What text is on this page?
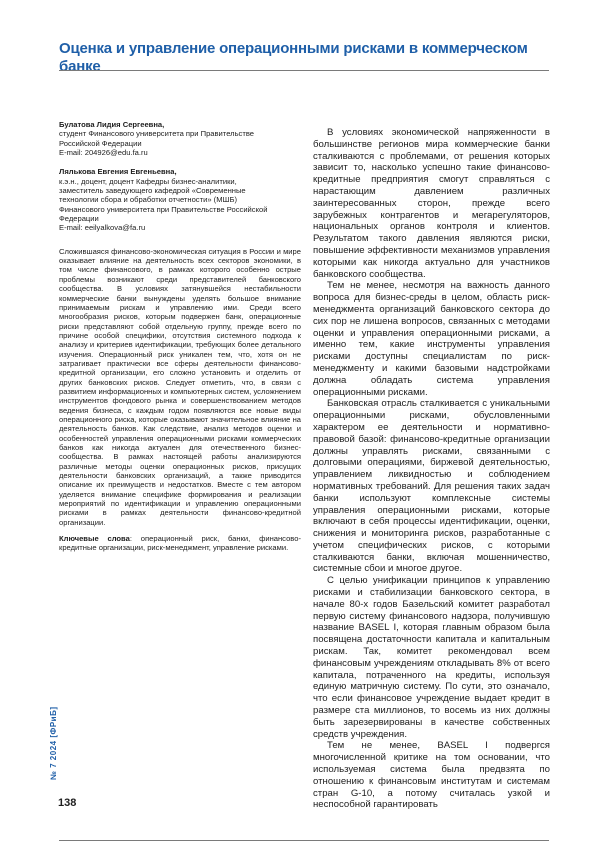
Оценка и управление операционными рисками в коммерческом банке
Булатова Лидия Сергеевна,
студент Финансового университета при Правительстве
Российской Федерации
E-mail: 204926@edu.fa.ru
Лялькова Евгения Евгеньевна,
к.э.н., доцент, доцент Кафедры бизнес-аналитики,
заместитель заведующего кафедрой «Современные
технологии сбора и обработки отчетности» (МШБ)
Финансового университета при Правительстве Российской
Федерации
E-mail: eeilyalkova@fa.ru

Сложившаяся финансово-экономическая ситуация в России и мире оказывает влияние на деятельность всех секторов экономики, в том числе финансового, в рамках которого особенно острые проблемы возникают среди представителей банковского сообщества. В условиях затянувшейся нестабильности коммерческие банки вынуждены уделять большое внимание принимаемым рискам и управлению ими. Среди всего многообразия рисков, которым подвержен банк, операционные риски представляют собой отдельную группу, прежде всего по причине особой специфики, отсутствия системного подхода к анализу и критериев идентификации, требующих более детального изучения. Операционный риск уникален тем, что, хотя он не затрагивает практически все сферы деятельности финансово-кредитной организации, его сложно установить и отделить от других банковских рисков. Следует отметить, что, в связи с развитием информационных и компьютерных систем, усложнением инструментов фондового рынка и совершенствованием методов ведения бизнеса, с каждым годом появляются все новые виды операционного риска, которые оказывают значительное влияние на деятельность банков. Как следствие, анализ методов оценки и особенностей управления операционными рисками коммерческих банков как никогда актуален для отечественного бизнес-сообщества. В рамках настоящей работы анализируются различные методы оценки операционных рисков, присущих деятельности банковских организаций, а также приводится описание их преимуществ и недостатков. Вместе с тем автором уделяется внимание специфике формирования и реализации мероприятий по идентификации и управлению операционными рисками в рамках деятельности финансово-кредитной организации.

Ключевые слова: операционный риск, банки, финансово-кредитные организации, риск-менеджмент, управление рисками.

В условиях экономической напряженности в большинстве регионов мира коммерческие банки сталкиваются с проблемами, от решения которых зависит то, насколько успешно такие финансово-кредитные предприятия смогут справляться с нарастающим давлением различных заинтересованных сторон, прежде всего зарубежных контрагентов и мегарегуляторов, национальных органов контроля и клиентов. Результатом такого давления являются риски, повышение эффективности механизмов управления которыми как никогда актуально для участников банковского сообщества.

Тем не менее, несмотря на важность данного вопроса для бизнес-среды в целом, область риск-менеджмента организаций банковского сектора до сих пор не лишена вопросов, связанных с методами оценки и управления операционными рисками, а именно тем, какие инструменты управления рисками доступны специалистам по риск-менеджменту и какими базовыми надстройками должна обладать система управления операционными рисками.

Банковская отрасль сталкивается с уникальными операционными рисками, обусловленными характером ее деятельности и нормативно-правовой базой: финансово-кредитные организации должны управлять рисками, связанными с долговыми операциями, биржевой деятельностью, управлением ликвидностью и соблюдением нормативных требований. Для решения таких задач банки используют комплексные системы управления операционными рисками, которые включают в себя процессы идентификации, оценки, снижения и мониторинга рисков, разработанные с учетом специфических рисков, с которыми сталкиваются банки, включая мошенничество, системные сбои и многое другое.

С целью унификации принципов к управлению рисками и стабилизации банковского сектора, в начале 80-х годов Базельский комитет разработал первую систему финансового надзора, получившую название BASEL I, которая главным образом была посвящена достаточности капитала и капитальным рискам. Так, комитет рекомендовал всем финансовым учреждениям откладывать 8% от всего капитала, потраченного на кредиты, используя единую матричную систему. По сути, это означало, что если финансовое учреждение выдает кредит в размере ста миллионов, то восемь из них должны быть зарезервированы в качестве собственных средств учреждения.

Тем не менее, BASEL I подвергся многочисленной критике на том основании, что используемая система была предвзята по отношению к финансовым институтам и системам стран G-10, а потому считалась узкой и неспособной гарантировать

№ 7 2024 [ФРиБ]
138
